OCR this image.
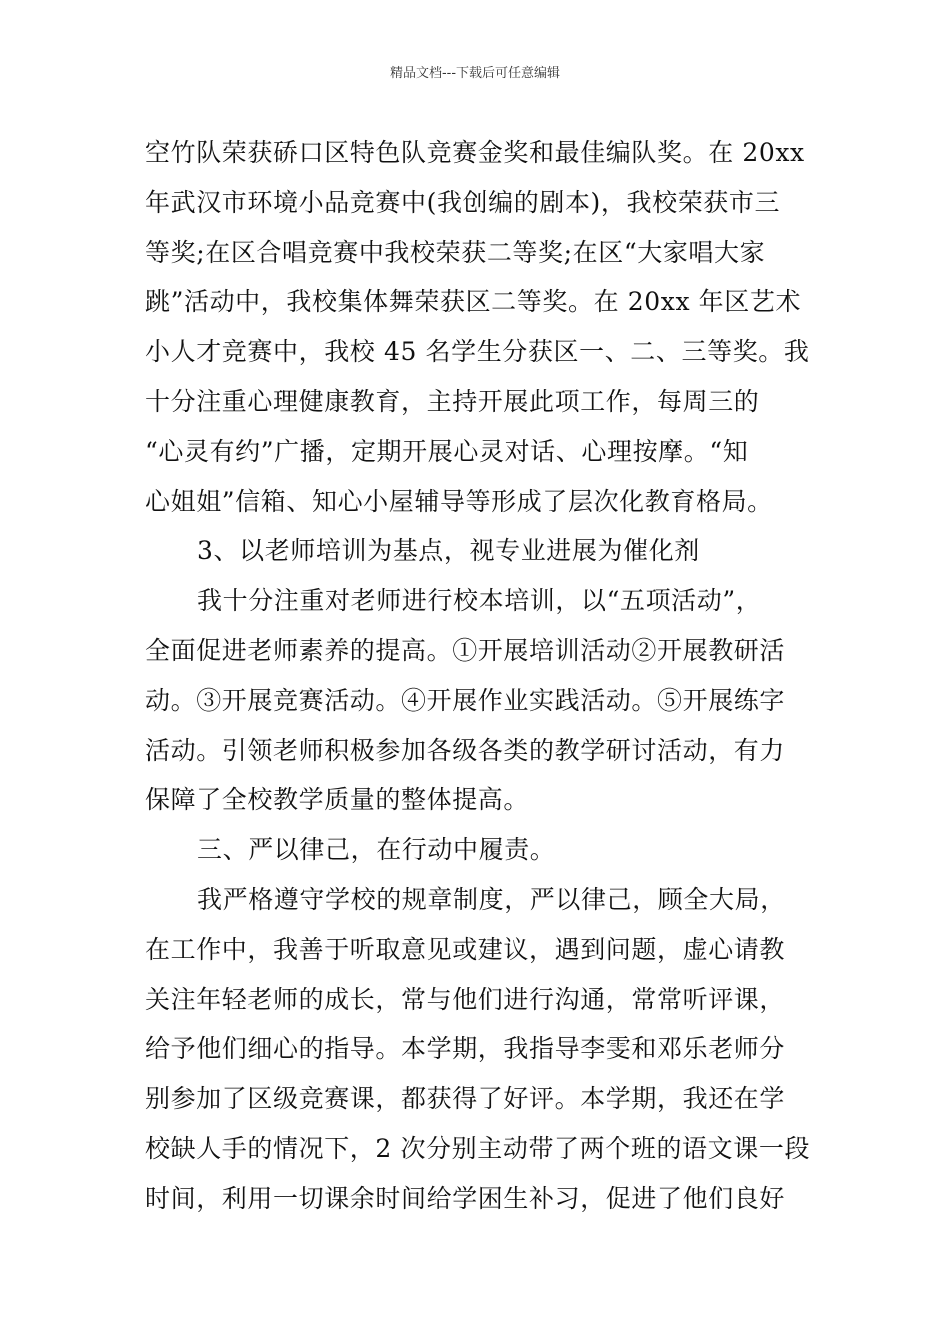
精品文档---下载后可任意编辑
空竹队荣获硚口区特色队竞赛金奖和最佳编队奖。在 20xx
年武汉市环境小品竞赛中(我创编的剧本)，我校荣获市三
等奖;在区合唱竞赛中我校荣获二等奖;在区“大家唱大家
跳”活动中，我校集体舞荣获区二等奖。在 20xx 年区艺术
小人才竞赛中，我校 45 名学生分获区一、二、三等奖。我
十分注重心理健康教育，主持开展此项工作，每周三的
“心灵有约”广播，定期开展心灵对话、心理按摩。“知
心姐姐”信箱、知心小屋辅导等形成了层次化教育格局。
3、以老师培训为基点，视专业进展为催化剂
我十分注重对老师进行校本培训，以“五项活动”，
全面促进老师素养的提高。①开展培训活动②开展教研活
动。③开展竞赛活动。④开展作业实践活动。⑤开展练字
活动。引领老师积极参加各级各类的教学研讨活动，有力
保障了全校教学质量的整体提高。
三、严以律己，在行动中履责。
我严格遵守学校的规章制度，严以律己，顾全大局，
在工作中，我善于听取意见或建议，遇到问题，虚心请教
关注年轻老师的成长，常与他们进行沟通，常常听评课，
给予他们细心的指导。本学期，我指导李雯和邓乐老师分
别参加了区级竞赛课，都获得了好评。本学期，我还在学
校缺人手的情况下，2 次分别主动带了两个班的语文课一段
时间，利用一切课余时间给学困生补习，促进了他们良好
